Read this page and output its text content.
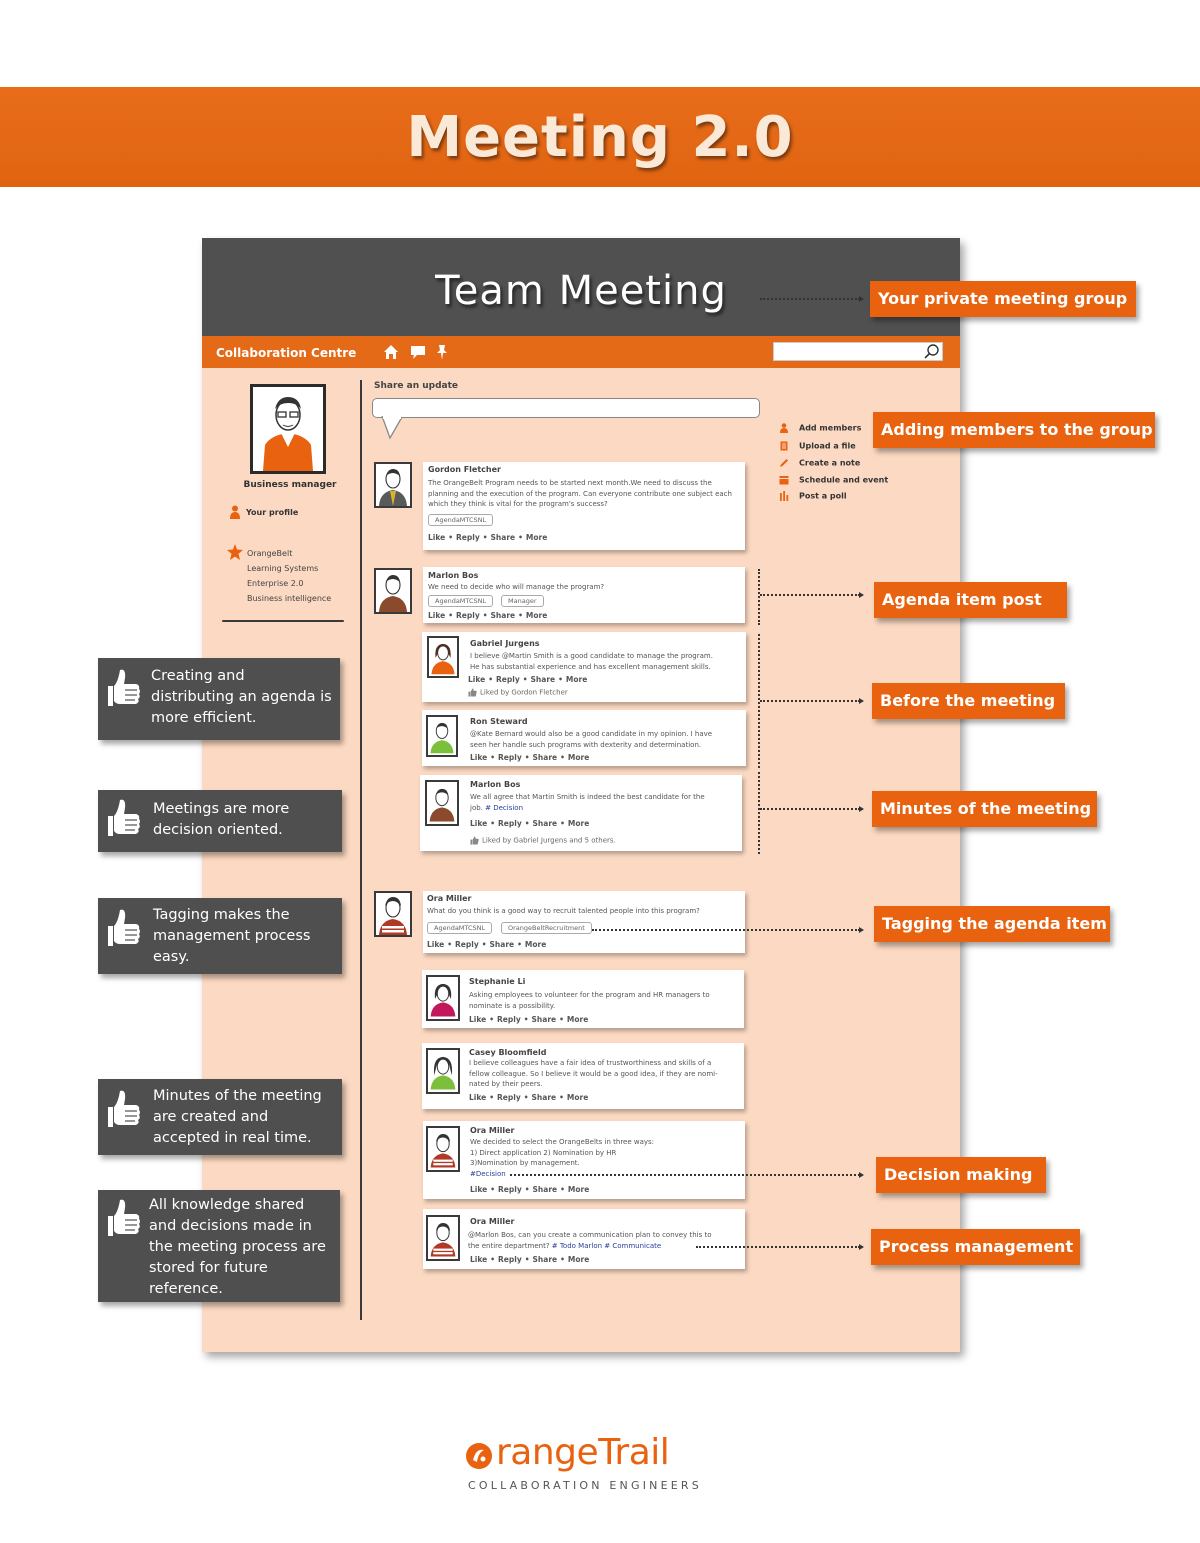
Meeting 2.0
Team Meeting
Collaboration Centre
Business manager
Your profile
OrangeBelt
Learning Systems
Enterprise 2.0
Business intelligence
Share an update
Add members
Upload a file
Create a note
Schedule and event
Post a poll
Gordon Fletcher
The OrangeBelt Program needs to be started next month.We need to discuss the
planning and the execution of the program. Can everyone contribute one subject each
which they think is vital for the program's success?
AgendaMTCSNL
Like • Reply • Share • More
Marlon Bos
We need to decide who will manage the program?
AgendaMTCSNL	Manager
Like • Reply • Share • More
Gabriel Jurgens
I believe @Martin Smith is a good candidate to manage the program.
He has substantial experience and has excellent management skills.
Like • Reply • Share • More
Liked by Gordon Fletcher
Ron Steward
@Kate Bernard would also be a good candidate in my opinion. I have
seen her handle such programs with dexterity and determination.
Like • Reply • Share • More
Marlon Bos
We all agree that Martin Smith is indeed the best candidate for the
job. # Decision
Like • Reply • Share • More
Liked by Gabriel Jurgens and 5 others.
Ora Miller
What do you think is a good way to recruit talented people into this program?
AgendaMTCSNL	OrangeBeltRecruitment
Like • Reply • Share • More
Stephanie Li
Asking employees to volunteer for the program and HR managers to
nominate is a possibility.
Like • Reply • Share • More
Casey Bloomfield
I believe colleagues have a fair idea of trustworthiness and skills of a
fellow colleague. So I believe it would be a good idea, if they are nomi-
nated by their peers.
Like • Reply • Share • More
Ora Miller
We decided to select the OrangeBelts in three ways:
1) Direct application 2) Nomination by HR
3)Nomination by management.
#Decision
Like • Reply • Share • More
Ora Miller
@Marlon Bos, can you create a communication plan to convey this to
the entire department? # Todo Marlon # Communicate
Like • Reply • Share • More
Your private meeting group
Adding members to the group
Agenda item post
Before the meeting
Minutes of the meeting
Tagging the agenda item
Decision making
Process management
Creating and distributing an agenda is more efficient.
Meetings are more decision oriented.
Tagging makes the management process easy.
Minutes of the meeting are created and accepted in real time.
All knowledge shared and decisions made in the meeting process are stored for future reference.
rangeTrail
COLLABORATION ENGINEERS
